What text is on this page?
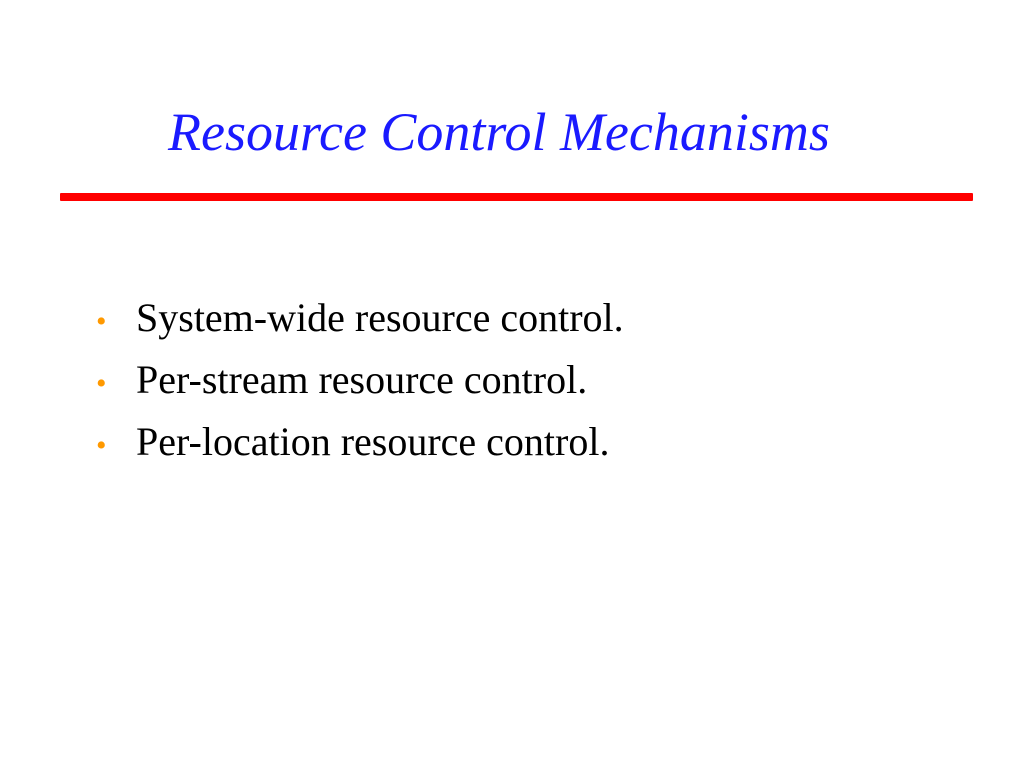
Resource Control Mechanisms
• System-wide resource control.
• Per-stream resource control.
• Per-location resource control.
